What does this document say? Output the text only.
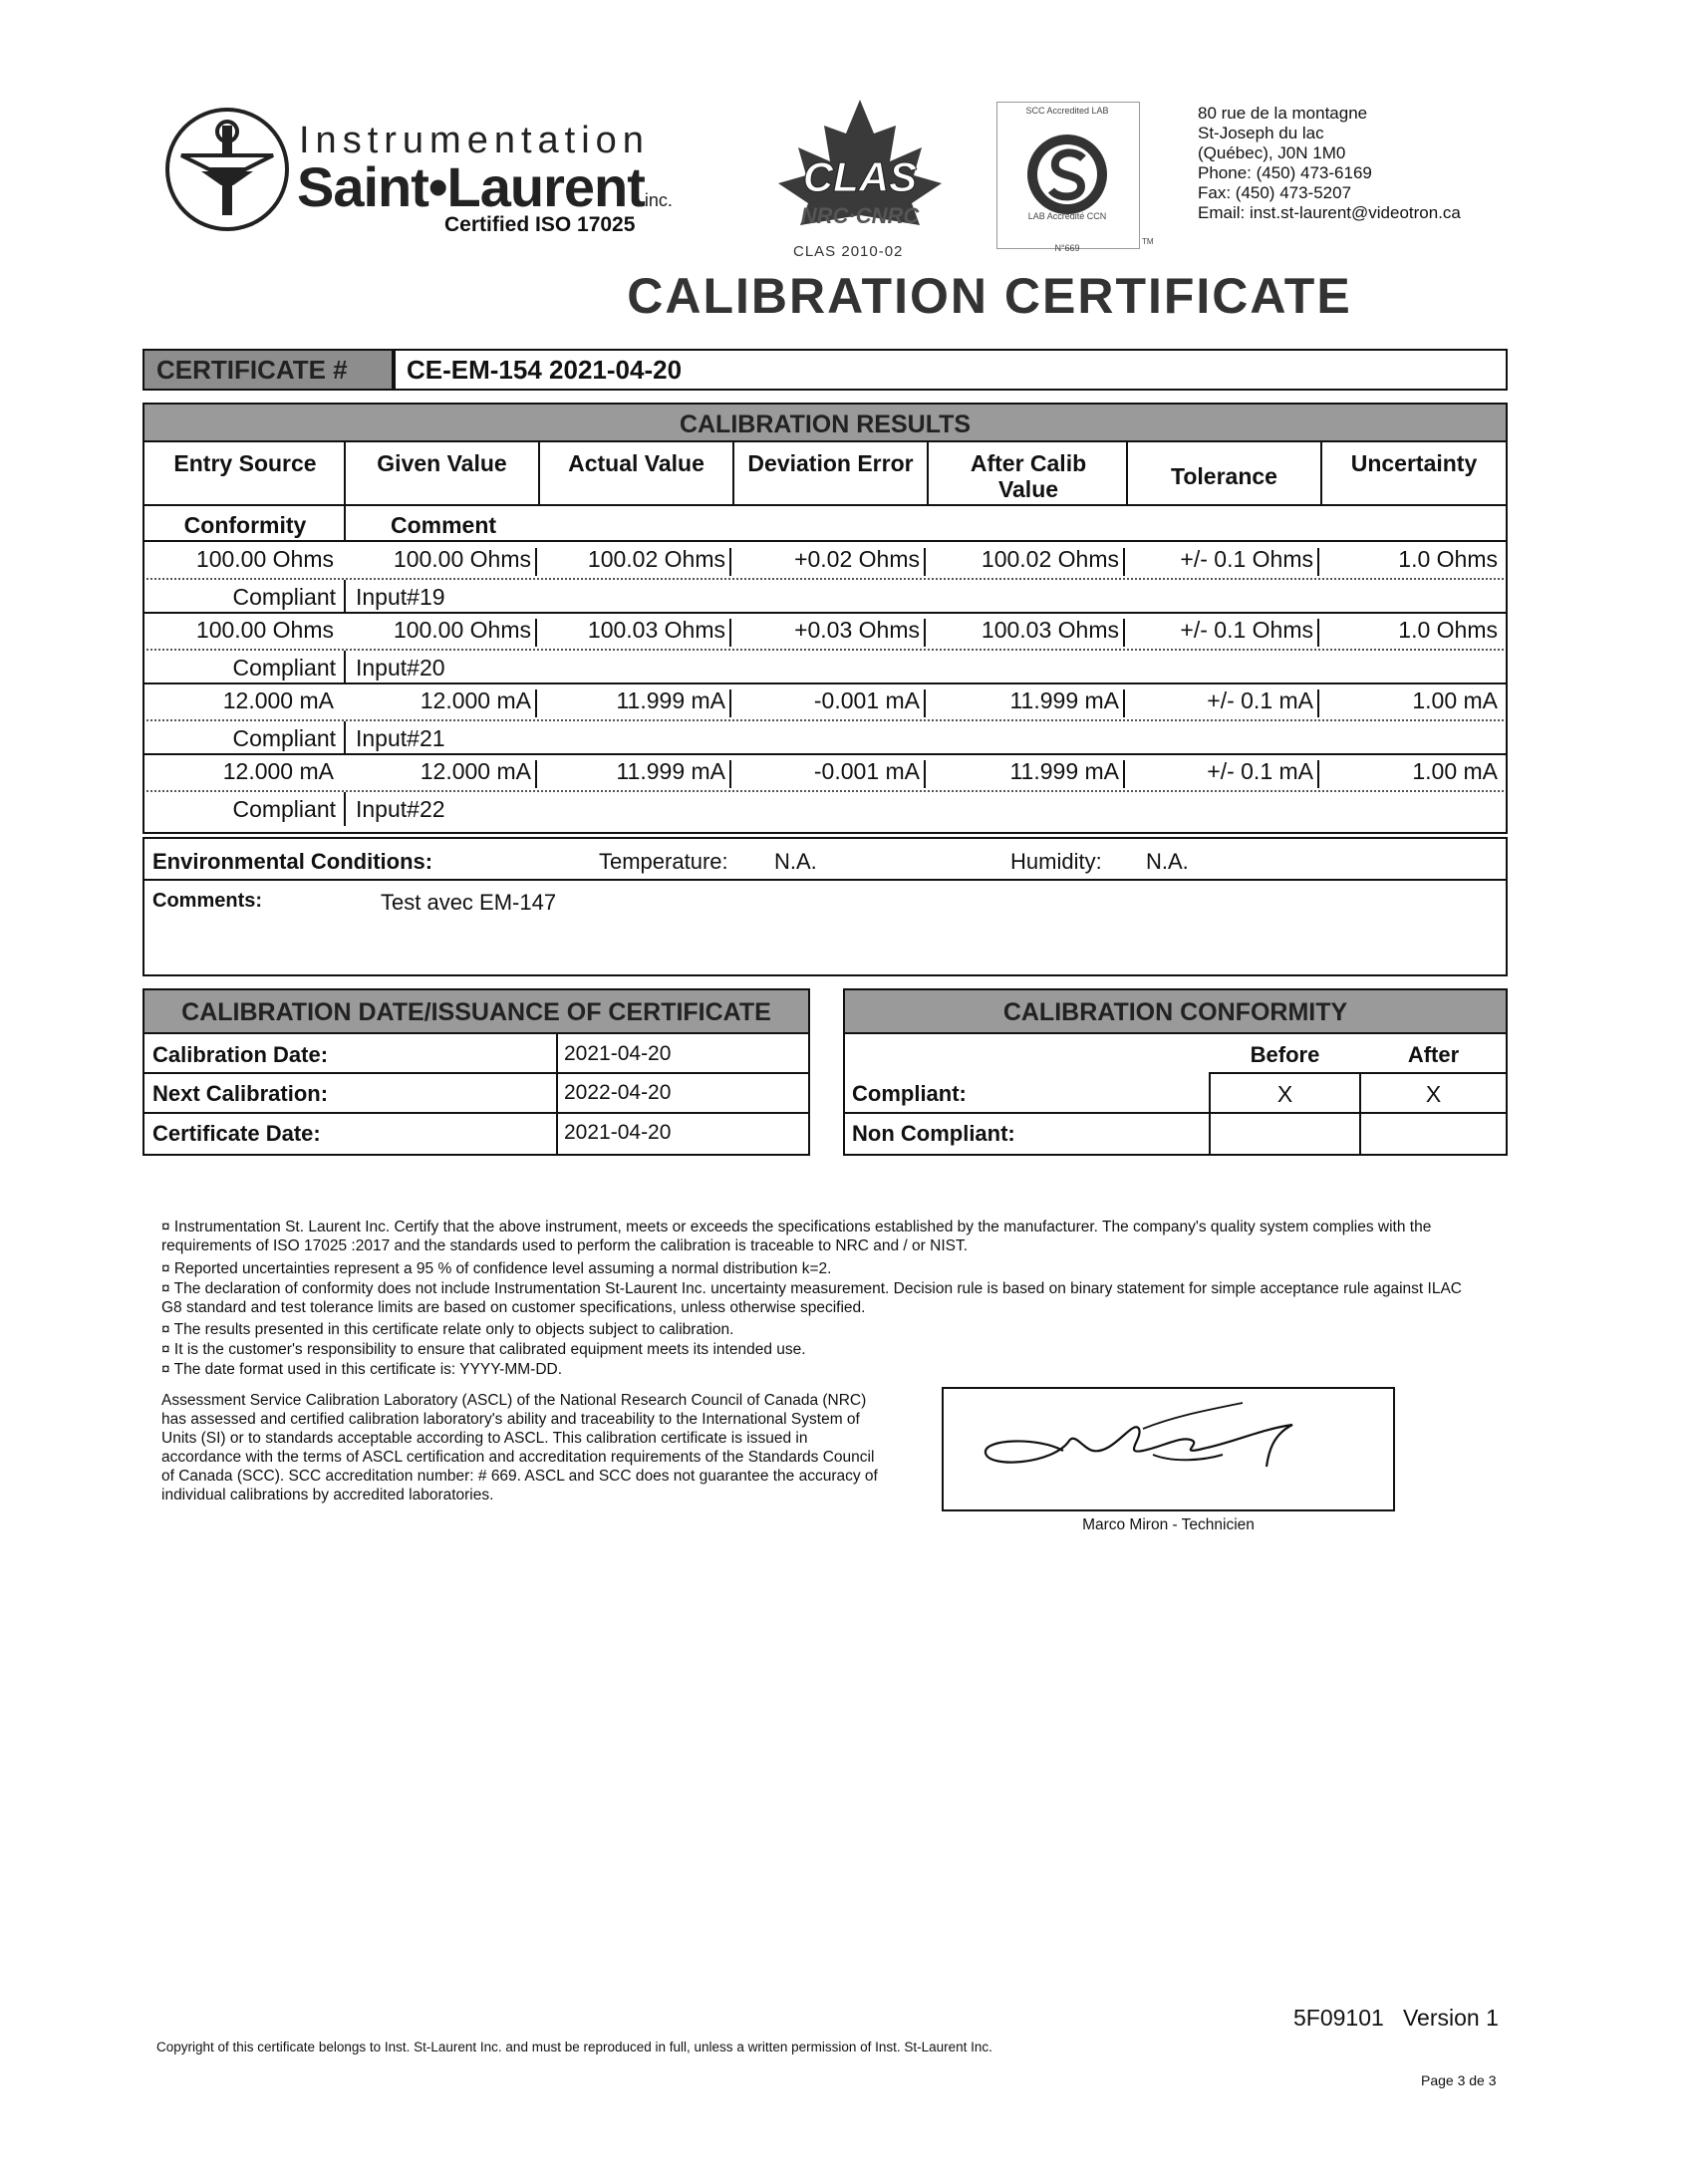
Instrumentation
Saint•Laurentinc.
Certified ISO 17025
CLAS
NRC·CNRC
CLAS 2010-02
SCC Accredited LAB
LAB Accrédité CCN
N°669
TM
80 rue de la montagne
St-Joseph du lac
(Québec), J0N 1M0
Phone: (450) 473-6169
Fax: (450) 473-5207
Email: inst.st-laurent@videotron.ca
CALIBRATION CERTIFICATE
CERTIFICATE #	CE-EM-154 2021-04-20
CALIBRATION RESULTS
Entry Source	Given Value	Actual Value	Deviation Error	After Calib Value	Tolerance	Uncertainty
Conformity	Comment
100.00 Ohms	100.00 Ohms	100.02 Ohms	+0.02 Ohms	100.02 Ohms	+/- 0.1 Ohms	1.0 Ohms
Compliant Input#19
100.00 Ohms	100.00 Ohms	100.03 Ohms	+0.03 Ohms	100.03 Ohms	+/- 0.1 Ohms	1.0 Ohms
Compliant Input#20
12.000 mA	12.000 mA	11.999 mA	-0.001 mA	11.999 mA	+/- 0.1 mA	1.00 mA
Compliant Input#21
12.000 mA	12.000 mA	11.999 mA	-0.001 mA	11.999 mA	+/- 0.1 mA	1.00 mA
Compliant Input#22
Environmental Conditions:	Temperature: N.A.	Humidity: N.A.
Comments:	Test avec EM-147
CALIBRATION DATE/ISSUANCE OF CERTIFICATE
Calibration Date:	2021-04-20
Next Calibration:	2022-04-20
Certificate Date:	2021-04-20
CALIBRATION CONFORMITY
Before	After
Compliant:	X	X
Non Compliant:
¤ Instrumentation St. Laurent Inc. Certify that the above instrument, meets or exceeds the specifications established by the manufacturer. The company's quality system complies with the requirements of ISO 17025 :2017 and the standards used to perform the calibration is traceable to NRC and / or NIST.
¤ Reported uncertainties represent a 95 % of confidence level assuming a normal distribution k=2.
¤ The declaration of conformity does not include Instrumentation St-Laurent Inc. uncertainty measurement. Decision rule is based on binary statement for simple acceptance rule against ILAC G8 standard and test tolerance limits are based on customer specifications, unless otherwise specified.
¤ The results presented in this certificate relate only to objects subject to calibration.
¤ It is the customer's responsibility to ensure that calibrated equipment meets its intended use.
¤ The date format used in this certificate is: YYYY-MM-DD.
Assessment Service Calibration Laboratory (ASCL) of the National Research Council of Canada (NRC) has assessed and certified calibration laboratory's ability and traceability to the International System of Units (SI) or to standards acceptable according to ASCL. This calibration certificate is issued in accordance with the terms of ASCL certification and accreditation requirements of the Standards Council of Canada (SCC). SCC accreditation number: # 669. ASCL and SCC does not guarantee the accuracy of individual calibrations by accredited laboratories.
Marco Miron - Technicien
5F09101   Version 1
Copyright of this certificate belongs to Inst. St-Laurent Inc. and must be reproduced in full, unless a written permission of Inst. St-Laurent Inc.
Page 3 de 3
